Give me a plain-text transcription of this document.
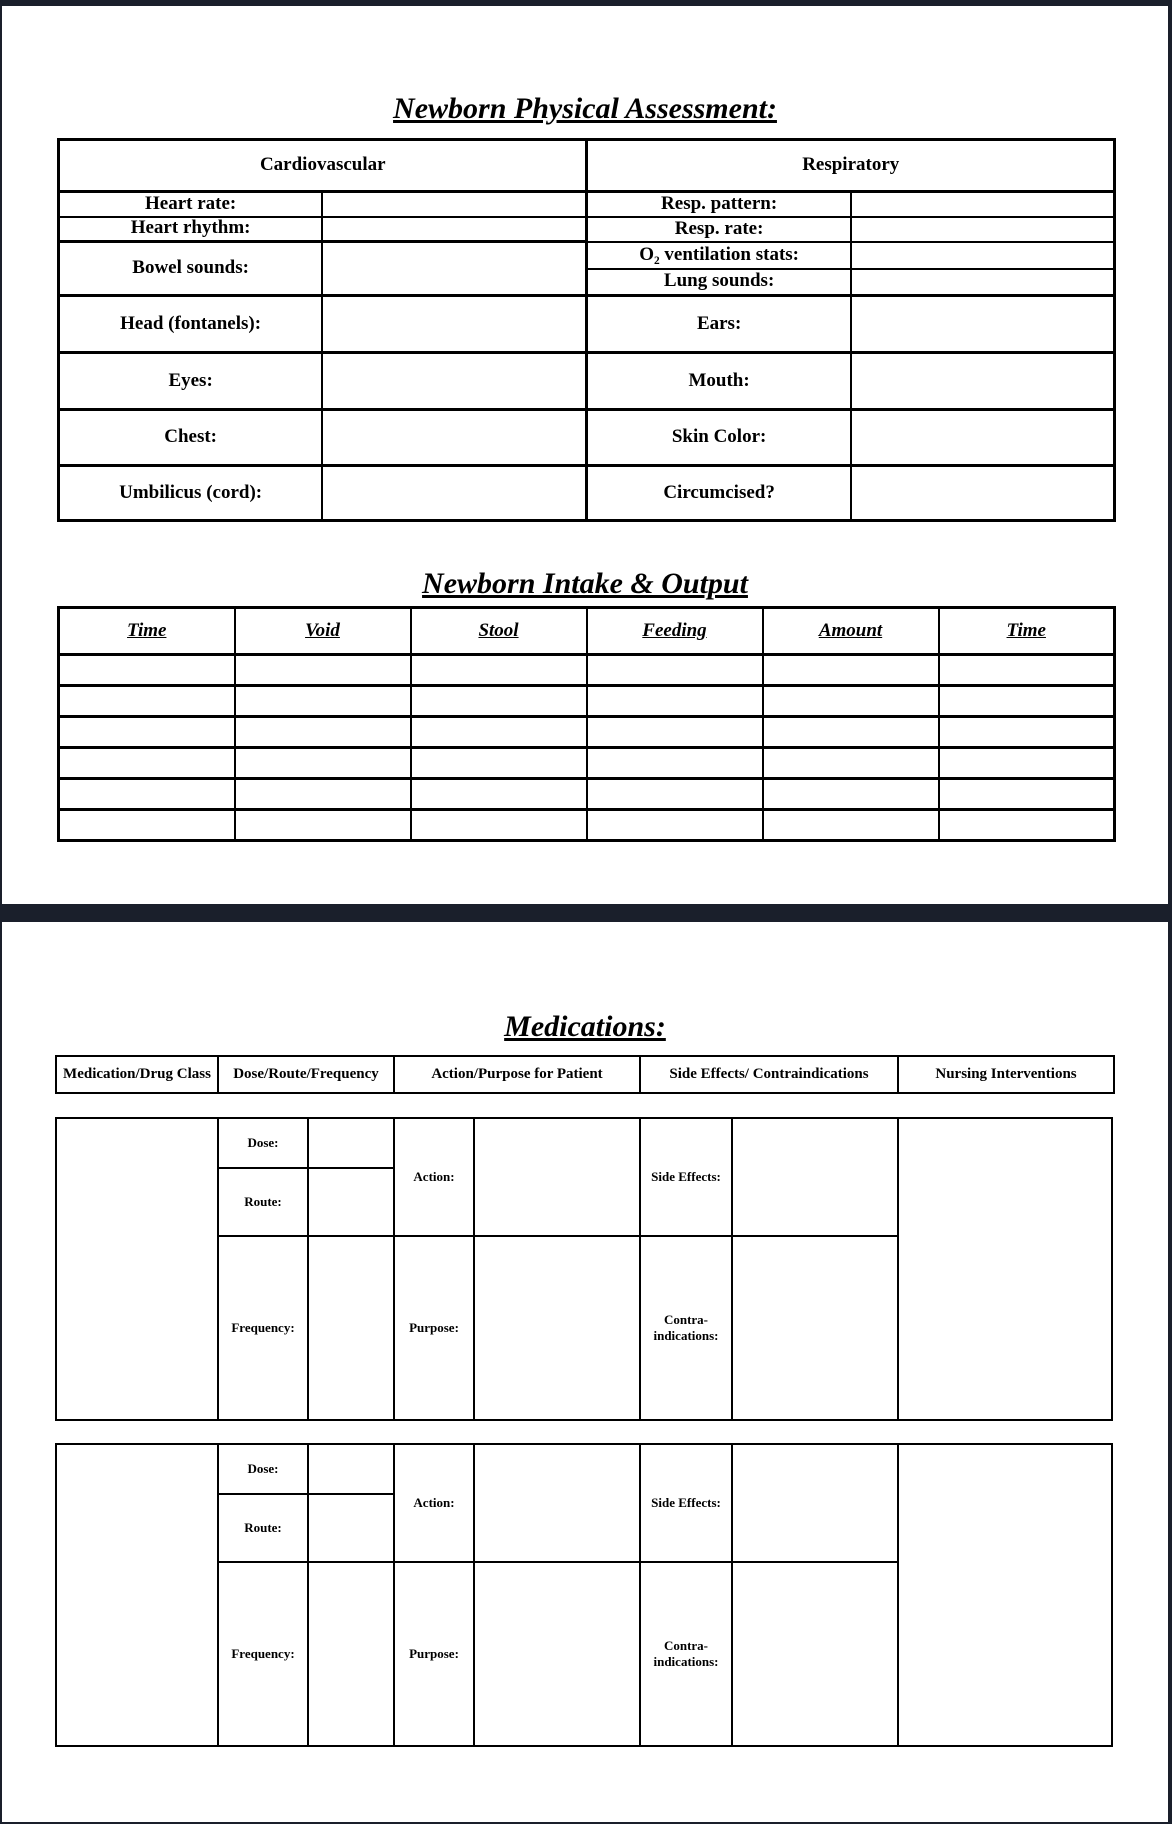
Newborn Physical Assessment:
Cardiovascular		Respiratory	
Heart rate:		Resp. pattern:	
Heart rhythm:		Resp. rate:	
Bowel sounds:		O₂ ventilation stats:	
		Lung sounds:	
Head (fontanels):		Ears:	
Eyes:		Mouth:	
Chest:		Skin Color:	
Umbilicus (cord):		Circumcised?	
Newborn Intake & Output
Time	Void	Stool	Feeding	Amount	Time

Medications:
Medication/Drug Class	Dose/Route/Frequency	Action/Purpose for Patient	Side Effects/ Contraindications	Nursing Interventions
	Dose:		Action:		Side Effects:		
	Route:						
	Frequency:		Purpose:		Contra-indications:		
	Dose:		Action:		Side Effects:		
	Route:						
	Frequency:		Purpose:		Contra-indications:		
